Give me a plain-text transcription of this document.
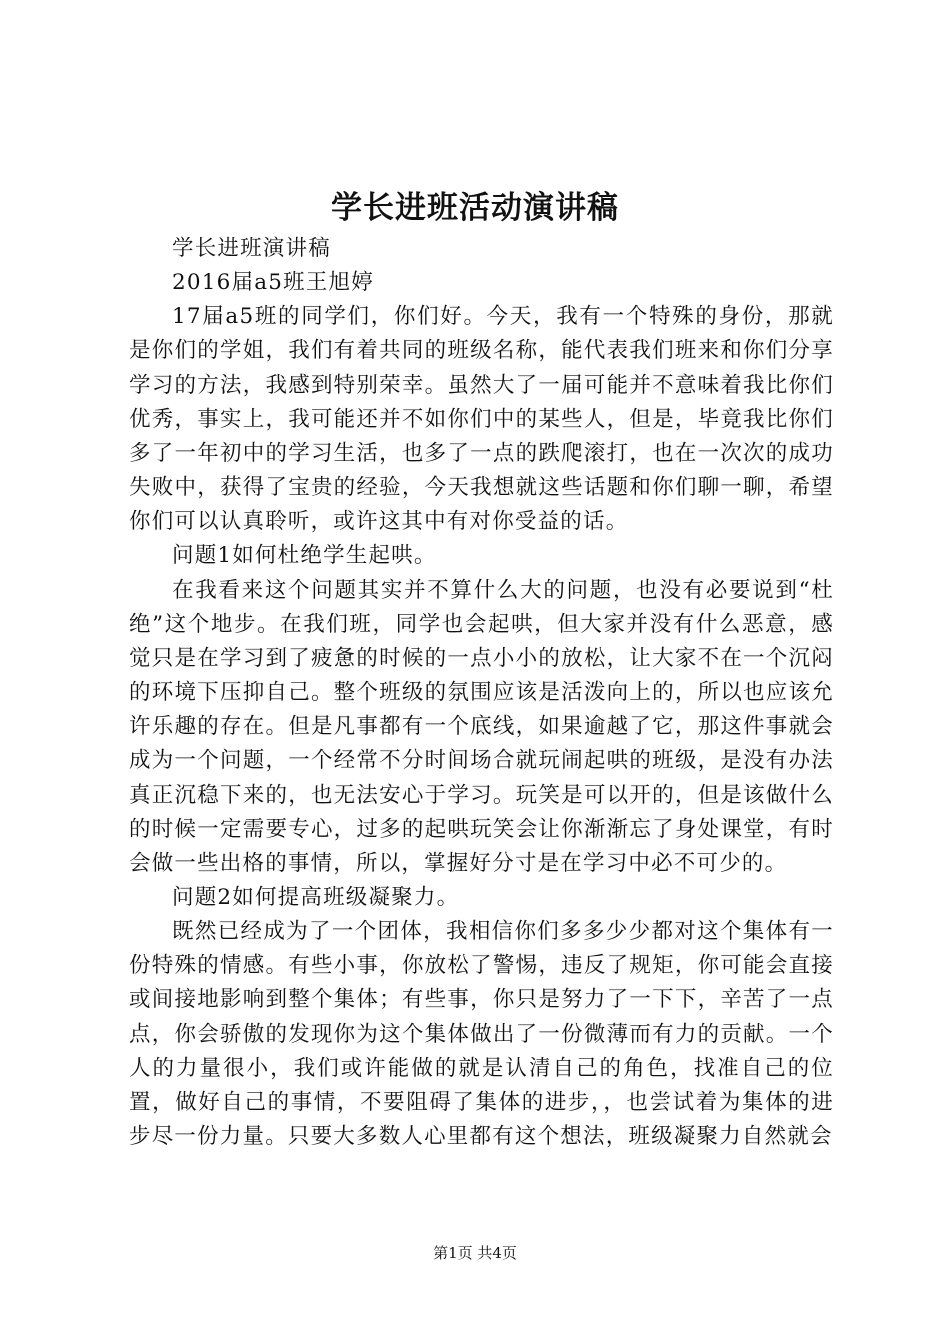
学长进班活动演讲稿

学长进班演讲稿

2016届a5班王旭婷

17届a5班的同学们，你们好。今天，我有一个特殊的身份，那就是你们的学姐，我们有着共同的班级名称，能代表我们班来和你们分享学习的方法，我感到特别荣幸。虽然大了一届可能并不意味着我比你们优秀，事实上，我可能还并不如你们中的某些人，但是，毕竟我比你们多了一年初中的学习生活，也多了一点的跌爬滚打，也在一次次的成功失败中，获得了宝贵的经验，今天我想就这些话题和你们聊一聊，希望你们可以认真聆听，或许这其中有对你受益的话。

问题1如何杜绝学生起哄。

在我看来这个问题其实并不算什么大的问题，也没有必要说到“杜绝”这个地步。在我们班，同学也会起哄，但大家并没有什么恶意，感觉只是在学习到了疲惫的时候的一点小小的放松，让大家不在一个沉闷的环境下压抑自己。整个班级的氛围应该是活泼向上的，所以也应该允许乐趣的存在。但是凡事都有一个底线，如果逾越了它，那这件事就会成为一个问题，一个经常不分时间场合就玩闹起哄的班级，是没有办法真正沉稳下来的，也无法安心于学习。玩笑是可以开的，但是该做什么的时候一定需要专心，过多的起哄玩笑会让你渐渐忘了身处课堂，有时会做一些出格的事情，所以，掌握好分寸是在学习中必不可少的。

问题2如何提高班级凝聚力。

既然已经成为了一个团体，我相信你们多多少少都对这个集体有一份特殊的情感。有些小事，你放松了警惕，违反了规矩，你可能会直接或间接地影响到整个集体；有些事，你只是努力了一下下，辛苦了一点点，你会骄傲的发现你为这个集体做出了一份微薄而有力的贡献。一个人的力量很小，我们或许能做的就是认清自己的角色，找准自己的位置，做好自己的事情，不要阻碍了集体的进步，，也尝试着为集体的进步尽一份力量。只要大多数人心里都有这个想法，班级凝聚力自然就会

第1页 共4页
